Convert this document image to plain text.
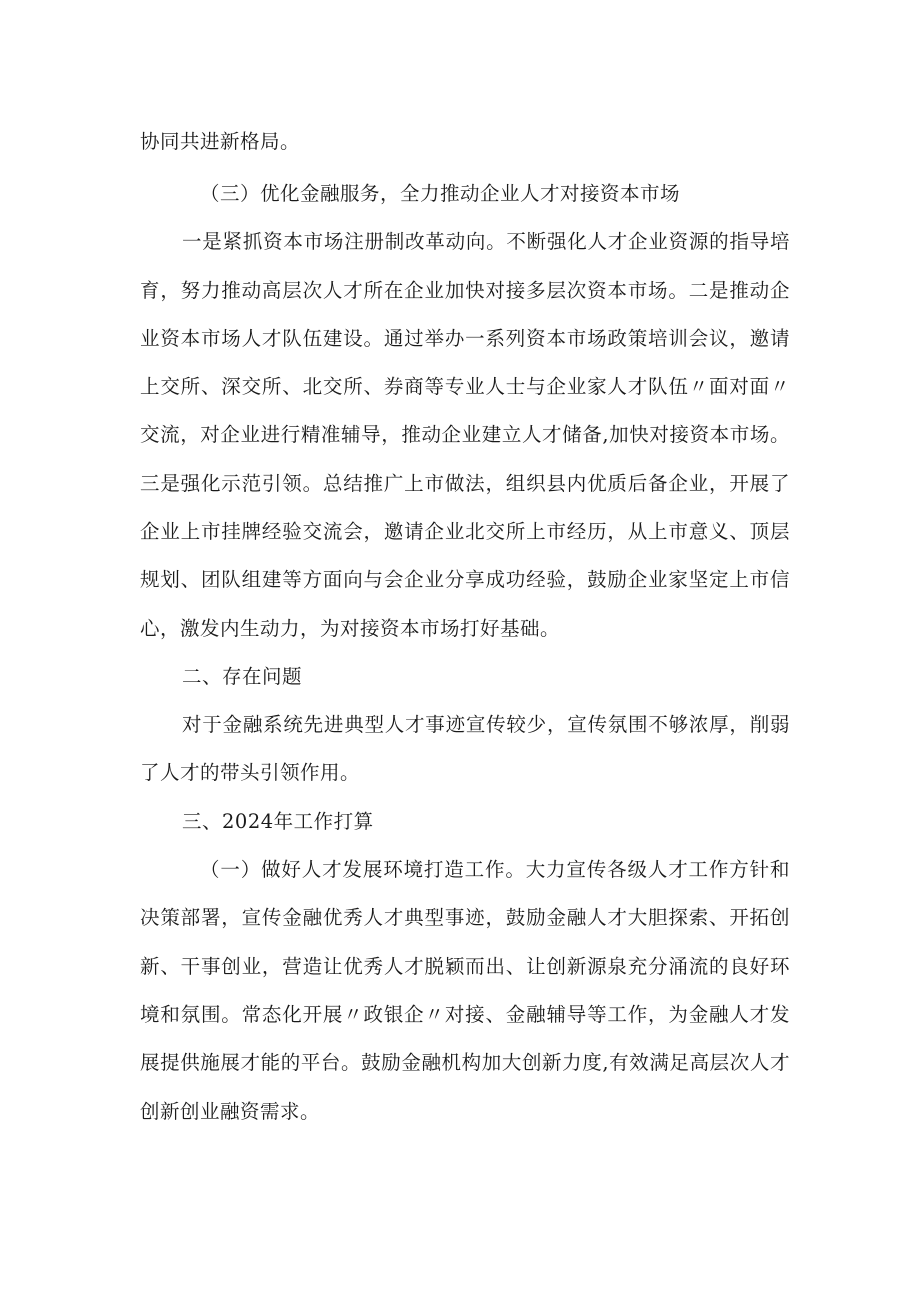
协同共进新格局。
（三）优化金融服务，全力推动企业人才对接资本市场
一是紧抓资本市场注册制改革动向。不断强化人才企业资源的指导培
育，努力推动高层次人才所在企业加快对接多层次资本市场。二是推动企
业资本市场人才队伍建设。通过举办一系列资本市场政策培训会议，邀请
上交所、深交所、北交所、券商等专业人士与企业家人才队伍〃面对面〃
交流，对企业进行精准辅导，推动企业建立人才储备,加快对接资本市场。
三是强化示范引领。总结推广上市做法，组织县内优质后备企业，开展了
企业上市挂牌经验交流会，邀请企业北交所上市经历，从上市意义、顶层
规划、团队组建等方面向与会企业分享成功经验，鼓励企业家坚定上市信
心，激发内生动力，为对接资本市场打好基础。
二、存在问题
对于金融系统先进典型人才事迹宣传较少，宣传氛围不够浓厚，削弱
了人才的带头引领作用。
三、2024年工作打算
（一）做好人才发展环境打造工作。大力宣传各级人才工作方针和
决策部署，宣传金融优秀人才典型事迹，鼓励金融人才大胆探索、开拓创
新、干事创业，营造让优秀人才脱颖而出、让创新源泉充分涌流的良好环
境和氛围。常态化开展〃政银企〃对接、金融辅导等工作，为金融人才发
展提供施展才能的平台。鼓励金融机构加大创新力度,有效满足高层次人才
创新创业融资需求。
